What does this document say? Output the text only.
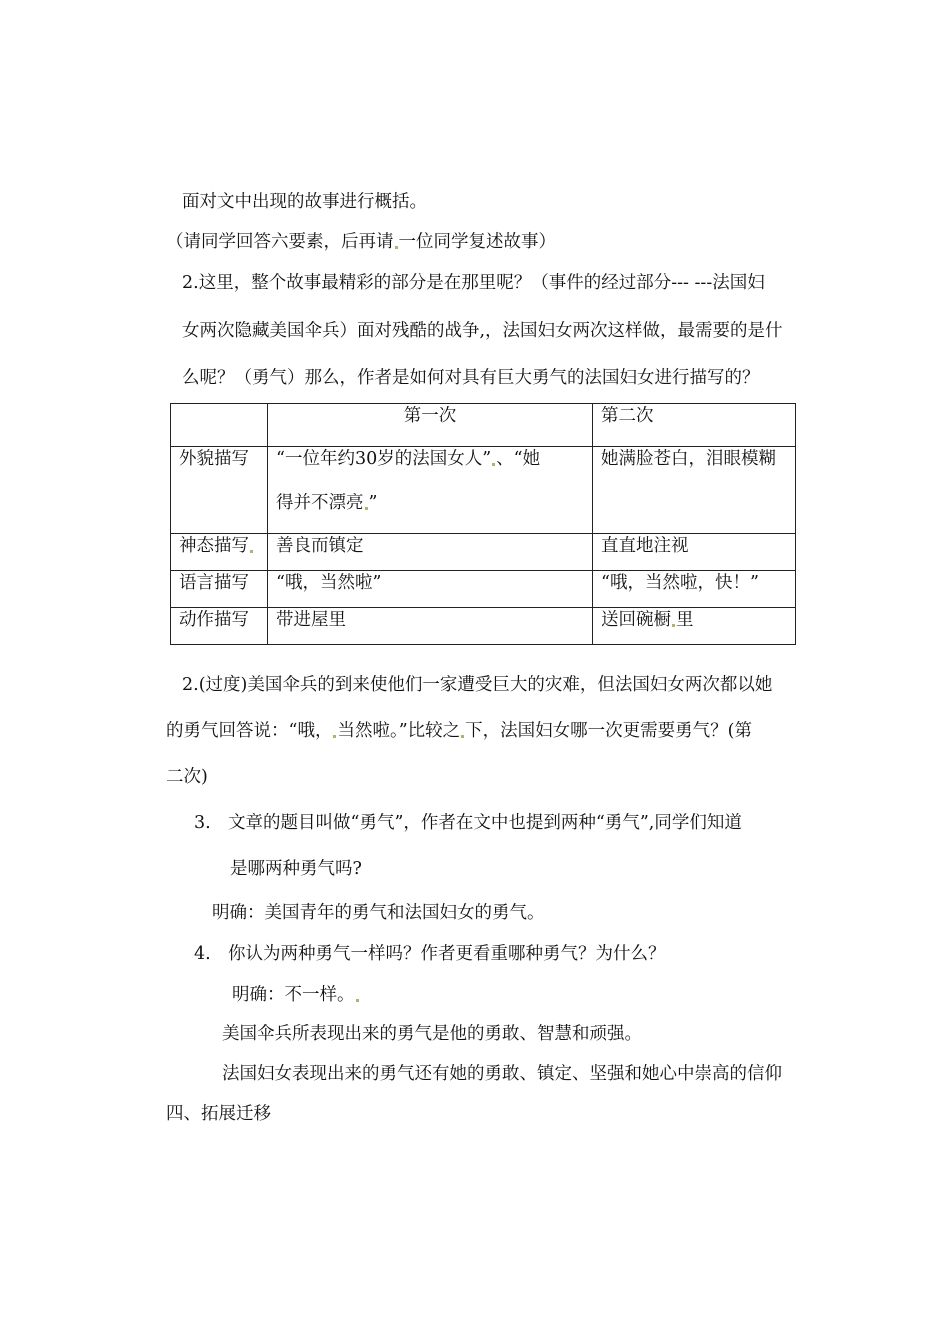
面对文中出现的故事进行概括。
（请同学回答六要素，后再请 一位同学复述故事）
2.这里，整个故事最精彩的部分是在那里呢？（事件的经过部分--- ---法国妇
女两次隐藏美国伞兵）面对残酷的战争,，法国妇女两次这样做，最需要的是什
么呢？（勇气）那么，作者是如何对具有巨大勇气的法国妇女进行描写的？

	第一次	第二次
外貌描写	“一位年约30岁的法国女人” 、“她
得并不漂亮 ”	她满脸苍白，泪眼模糊
神态描写	善良而镇定	直直地注视
语言描写	“哦，当然啦”	“哦，当然啦，快！”
动作描写	带进屋里	送回碗橱 里
2.(过度)美国伞兵的到来使他们一家遭受巨大的灾难，但法国妇女两次都以她
的勇气回答说：“哦， 当然啦。”比较之 下，法国妇女哪一次更需要勇气？(第
二次)
3. 文章的题目叫做“勇气”，作者在文中也提到两种“勇气”,同学们知道
是哪两种勇气吗?
明确：美国青年的勇气和法国妇女的勇气。
4. 你认为两种勇气一样吗？作者更看重哪种勇气？为什么？
明确：不一样。
美国伞兵所表现出来的勇气是他的勇敢、智慧和顽强。
法国妇女表现出来的勇气还有她的勇敢、镇定、坚强和她心中崇高的信仰
四、拓展迁移
